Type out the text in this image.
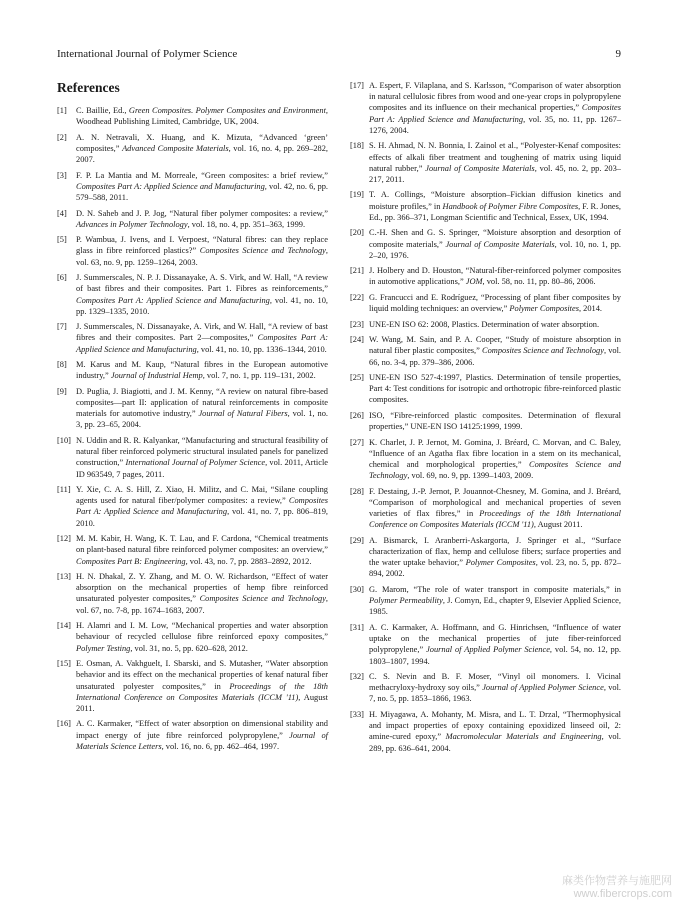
International Journal of Polymer Science	9
References
[1]	C. Baillie, Ed., Green Composites. Polymer Composites and Environment, Woodhead Publishing Limited, Cambridge, UK, 2004.
[2]	A. N. Netravali, X. Huang, and K. Mizuta, “Advanced ‘green’ composites,” Advanced Composite Materials, vol. 16, no. 4, pp. 269–282, 2007.
[3]	F. P. La Mantia and M. Morreale, “Green composites: a brief review,” Composites Part A: Applied Science and Manufacturing, vol. 42, no. 6, pp. 579–588, 2011.
[4]	D. N. Saheb and J. P. Jog, “Natural fiber polymer composites: a review,” Advances in Polymer Technology, vol. 18, no. 4, pp. 351–363, 1999.
[5]	P. Wambua, J. Ivens, and I. Verpoest, “Natural fibres: can they replace glass in fibre reinforced plastics?” Composites Science and Technology, vol. 63, no. 9, pp. 1259–1264, 2003.
[6]	J. Summerscales, N. P. J. Dissanayake, A. S. Virk, and W. Hall, “A review of bast fibres and their composites. Part 1. Fibres as reinforcements,” Composites Part A: Applied Science and Manufacturing, vol. 41, no. 10, pp. 1329–1335, 2010.
[7]	J. Summerscales, N. Dissanayake, A. Virk, and W. Hall, “A review of bast fibres and their composites. Part 2—composites,” Composites Part A: Applied Science and Manufacturing, vol. 41, no. 10, pp. 1336–1344, 2010.
[8]	M. Karus and M. Kaup, “Natural fibres in the European automotive industry,” Journal of Industrial Hemp, vol. 7, no. 1, pp. 119–131, 2002.
[9]	D. Puglia, J. Biagiotti, and J. M. Kenny, “A review on natural fibre-based composites—part II: application of natural reinforcements in composite materials for automotive industry,” Journal of Natural Fibers, vol. 1, no. 3, pp. 23–65, 2004.
[10] N. Uddin and R. R. Kalyankar, “Manufacturing and structural feasibility of natural fiber reinforced polymeric structural insulated panels for panelized construction,” International Journal of Polymer Science, vol. 2011, Article ID 963549, 7 pages, 2011.
[11] Y. Xie, C. A. S. Hill, Z. Xiao, H. Militz, and C. Mai, “Silane coupling agents used for natural fiber/polymer composites: a review,” Composites Part A: Applied Science and Manufacturing, vol. 41, no. 7, pp. 806–819, 2010.
[12] M. M. Kabir, H. Wang, K. T. Lau, and F. Cardona, “Chemical treatments on plant-based natural fibre reinforced polymer composites: an overview,” Composites Part B: Engineering, vol. 43, no. 7, pp. 2883–2892, 2012.
[13] H. N. Dhakal, Z. Y. Zhang, and M. O. W. Richardson, “Effect of water absorption on the mechanical properties of hemp fibre reinforced unsaturated polyester composites,” Composites Science and Technology, vol. 67, no. 7-8, pp. 1674–1683, 2007.
[14] H. Alamri and I. M. Low, “Mechanical properties and water absorption behaviour of recycled cellulose fibre reinforced epoxy composites,” Polymer Testing, vol. 31, no. 5, pp. 620–628, 2012.
[15] E. Osman, A. Vakhguelt, I. Sbarski, and S. Mutasher, “Water absorption behavior and its effect on the mechanical properties of kenaf natural fiber unsaturated polyester composites,” in Proceedings of the 18th International Conference on Composites Materials (ICCM '11), August 2011.
[16] A. C. Karmaker, “Effect of water absorption on dimensional stability and impact energy of jute fibre reinforced polypropylene,” Journal of Materials Science Letters, vol. 16, no. 6, pp. 462–464, 1997.
[17] A. Espert, F. Vilaplana, and S. Karlsson, “Comparison of water absorption in natural cellulosic fibres from wood and one-year crops in polypropylene composites and its influence on their mechanical properties,” Composites Part A: Applied Science and Manufacturing, vol. 35, no. 11, pp. 1267–1276, 2004.
[18] S. H. Ahmad, N. N. Bonnia, I. Zainol et al., “Polyester-Kenaf composites: effects of alkali fiber treatment and toughening of matrix using liquid natural rubber,” Journal of Composite Materials, vol. 45, no. 2, pp. 203–217, 2011.
[19] T. A. Collings, “Moisture absorption–Fickian diffusion kinetics and moisture profiles,” in Handbook of Polymer Fibre Composites, F. R. Jones, Ed., pp. 366–371, Longman Scientific and Technical, Essex, UK, 1994.
[20] C.-H. Shen and G. S. Springer, “Moisture absorption and desorption of composite materials,” Journal of Composite Materials, vol. 10, no. 1, pp. 2–20, 1976.
[21] J. Holbery and D. Houston, “Natural-fiber-reinforced polymer composites in automotive applications,” JOM, vol. 58, no. 11, pp. 80–86, 2006.
[22] G. Francucci and E. Rodríguez, “Processing of plant fiber composites by liquid molding techniques: an overview,” Polymer Composites, 2014.
[23] UNE-EN ISO 62: 2008, Plastics. Determination of water absorption.
[24] W. Wang, M. Sain, and P. A. Cooper, “Study of moisture absorption in natural fiber plastic composites,” Composites Science and Technology, vol. 66, no. 3-4, pp. 379–386, 2006.
[25] UNE-EN ISO 527-4:1997, Plastics. Determination of tensile properties, Part 4: Test conditions for isotropic and orthotropic fibre-reinforced plastic composites.
[26] ISO, “Fibre-reinforced plastic composites. Determination of flexural properties,” UNE-EN ISO 14125:1999, 1999.
[27] K. Charlet, J. P. Jernot, M. Gomina, J. Bréard, C. Morvan, and C. Baley, “Influence of an Agatha flax fibre location in a stem on its mechanical, chemical and morphological properties,” Composites Science and Technology, vol. 69, no. 9, pp. 1399–1403, 2009.
[28] F. Destaing, J.-P. Jernot, P. Jouannot-Chesney, M. Gomina, and J. Bréard, “Comparison of morphological and mechanical properties of seven varieties of flax fibres,” in Proceedings of the 18th International Conference on Composites Materials (ICCM '11), August 2011.
[29] A. Bismarck, I. Aranberri-Askargorta, J. Springer et al., “Surface characterization of flax, hemp and cellulose fibers; surface properties and the water uptake behavior,” Polymer Composites, vol. 23, no. 5, pp. 872–894, 2002.
[30] G. Marom, “The role of water transport in composite materials,” in Polymer Permeability, J. Comyn, Ed., chapter 9, Elsevier Applied Science, 1985.
[31] A. C. Karmaker, A. Hoffmann, and G. Hinrichsen, “Influence of water uptake on the mechanical properties of jute fiber-reinforced polypropylene,” Journal of Applied Polymer Science, vol. 54, no. 12, pp. 1803–1807, 1994.
[32] C. S. Nevin and B. F. Moser, “Vinyl oil monomers. I. Vicinal methacryloxy-hydroxy soy oils,” Journal of Applied Polymer Science, vol. 7, no. 5, pp. 1853–1866, 1963.
[33] H. Miyagawa, A. Mohanty, M. Misra, and L. T. Drzal, “Thermophysical and impact properties of epoxy containing epoxidized linseed oil, 2: amine-cured epoxy,” Macromolecular Materials and Engineering, vol. 289, pp. 636–641, 2004.
麻类作物营养与施肥网
www.fibercrops.com
